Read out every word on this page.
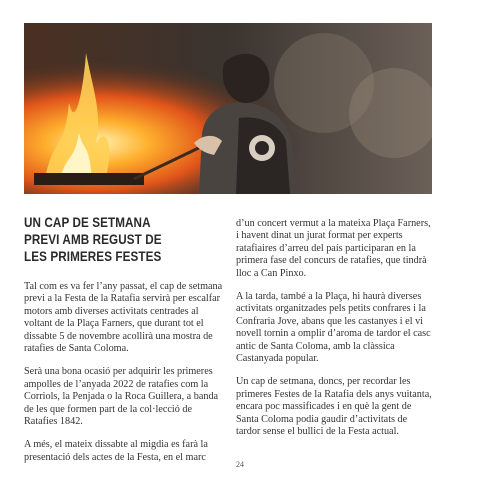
UN CAP DE SETMANA
PREVI AMB REGUST DE
LES PRIMERES FESTES

Tal com es va fer l’any passat, el cap de setmana previ a la Festa de la Ratafia servirà per escalfar motors amb diverses activitats centrades al voltant de la Plaça Farners, que durant tot el dissabte 5 de novembre acollirà una mostra de ratafies de Santa Coloma.

Serà una bona ocasió per adquirir les primeres ampolles de l’anyada 2022 de ratafies com la Corriols, la Penjada o la Roca Guillera, a banda de les que formen part de la col·lecció de Ratafies 1842.

A més, el mateix dissabte al migdia es farà la presentació dels actes de la Festa, en el marc

d’un concert vermut a la mateixa Plaça Farners, i havent dinat un jurat format per experts ratafiaires d’arreu del país participaran en la primera fase del concurs de ratafies, que tindrà lloc a Can Pinxo.

A la tarda, també a la Plaça, hi haurà diverses activitats organitzades pels petits confrares i la Confraria Jove, abans que les castanyes i el vi novell tornin a omplir d’aroma de tardor el casc antic de Santa Coloma, amb la clàssica Castanyada popular.

Un cap de setmana, doncs, per recordar les primeres Festes de la Ratafia dels anys vuitanta, encara poc massificades i en què la gent de Santa Coloma podia gaudir d’activitats de tardor sense el bullici de la Festa actual.

24
